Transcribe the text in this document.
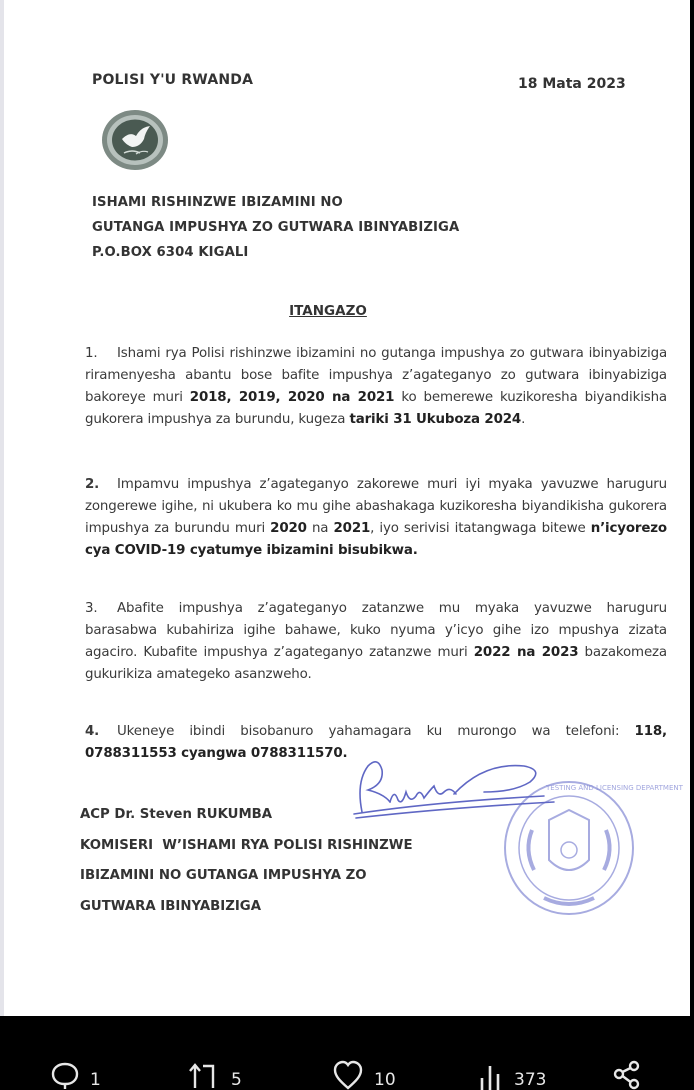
POLISI Y'U RWANDA	18 Mata 2023
ISHAMI RISHINZWE IBIZAMINI NO
GUTANGA IMPUSHYA ZO GUTWARA IBINYABIZIGA
P.O.BOX 6304 KIGALI
ITANGAZO
1. Ishami rya Polisi rishinzwe ibizamini no gutanga impushya zo gutwara ibinyabiziga riramenyesha abantu bose bafite impushya z’agateganyo zo gutwara ibinyabiziga bakoreye muri 2018, 2019, 2020 na 2021 ko bemerewe kuzikoresha biyandikisha gukorera impushya za burundu, kugeza tariki 31 Ukuboza 2024.
2. Impamvu impushya z’agateganyo zakorewe muri iyi myaka yavuzwe haruguru zongerewe igihe, ni ukubera ko mu gihe abashakaga kuzikoresha biyandikisha gukorera impushya za burundu muri 2020 na 2021, iyo serivisi itatangwaga bitewe n’icyorezo cya COVID-19 cyatumye ibizamini bisubikwa.
3. Abafite impushya z’agateganyo zatanzwe mu myaka yavuzwe haruguru barasabwa kubahiriza igihe bahawe, kuko nyuma y’icyo gihe izo mpushya zizata agaciro. Kubafite impushya z’agateganyo zatanzwe muri 2022 na 2023 bazakomeza gukurikiza amategeko asanzweho.
4. Ukeneye ibindi bisobanuro yahamagara ku murongo wa telefoni: 118, 0788311553 cyangwa 0788311570.
TESTING AND LICENSING DEPARTMENT
ACP Dr. Steven RUKUMBA
KOMISERI  W’ISHAMI RYA POLISI RISHINZWE
IBIZAMINI NO GUTANGA IMPUSHYA ZO
GUTWARA IBINYABIZIGA
1	5	10	373
